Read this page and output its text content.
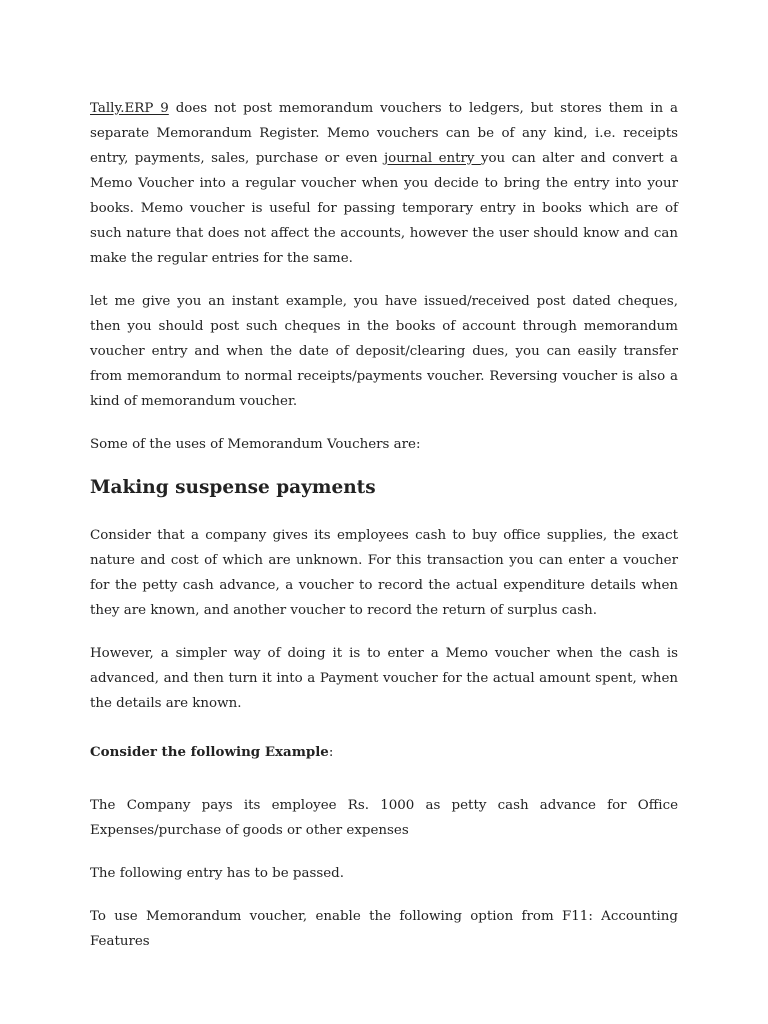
Tally.ERP 9 does not post memorandum vouchers to ledgers, but stores them in a separate Memorandum Register. Memo vouchers can be of any kind, i.e. receipts entry, payments, sales, purchase or even journal entry you can alter and convert a Memo Voucher into a regular voucher when you decide to bring the entry into your books. Memo voucher is useful for passing temporary entry in books which are of such nature that does not affect the accounts, however the user should know and can make the regular entries for the same.

let me give you an instant example, you have issued/received post dated cheques, then you should post such cheques in the books of account through memorandum voucher entry and when the date of deposit/clearing dues, you can easily transfer from memorandum to normal receipts/payments voucher. Reversing voucher is also a kind of memorandum voucher.

Some of the uses of Memorandum Vouchers are:

Making suspense payments

Consider that a company gives its employees cash to buy office supplies, the exact nature and cost of which are unknown. For this transaction you can enter a voucher for the petty cash advance, a voucher to record the actual expenditure details when they are known, and another voucher to record the return of surplus cash.

However, a simpler way of doing it is to enter a Memo voucher when the cash is advanced, and then turn it into a Payment voucher for the actual amount spent, when the details are known.

Consider the following Example:

The Company pays its employee Rs. 1000 as petty cash advance for Office Expenses/purchase of goods or other expenses

The following entry has to be passed.

To use Memorandum voucher, enable the following option from F11: Accounting Features
